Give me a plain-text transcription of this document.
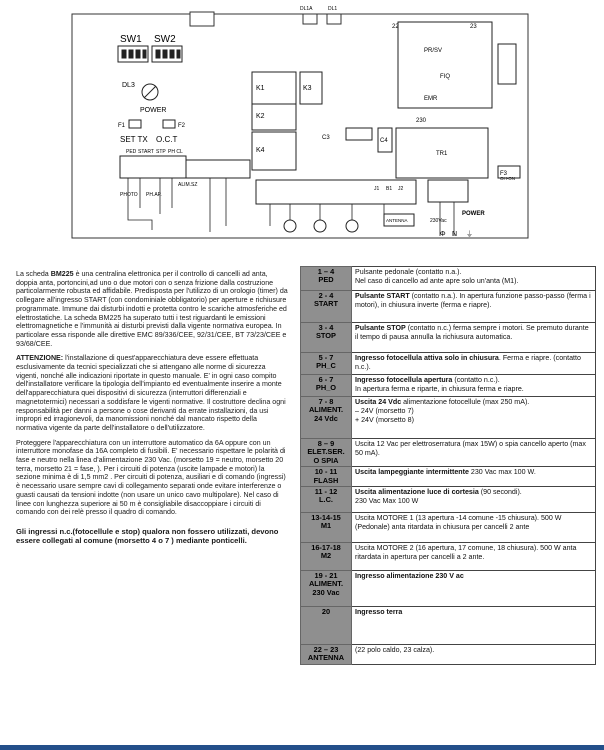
SW1 SW2
DL3
POWER
F1	F2
SET TX O.C.T
K1
K2
K4
K3
PR/SV
FIQ
EMR
230
TR1
C4
C3
F3
230Vac
PED START STP PH CL
PHOTO PH.AP.
ALIM.SZ
J1 B1 J2
22	23
OH-ON
DL1A	DL1
ANTENNA
POWER
Φ N ⏚

La scheda BM225 è una centralina elettronica per il controllo di cancelli ad anta, doppia anta, portoncini,ad uno o due motori con o senza frizione dalla costruzione particolarmente robusta ed affidabile. Predisposta per l'utilizzo di un orologio (timer) da collegare all'ingresso START (con condominiale obbligatorio) per aperture e richiusure programmate. Immune dai disturbi indotti e protetta contro le scariche atmosferiche ed elettrostatiche. La scheda BM225 ha superato tutti i test riguardanti le emissioni elettromagnetiche e l'immunità ai disturbi previsti dalla vigente normativa europea. In particolare essa risponde alle direttive EMC 89/336/CEE, 92/31/CEE, BT 73/23/CEE e 93/68/CEE.

ATTENZIONE: l'installazione di quest'apparecchiatura deve essere effettuata esclusivamente da tecnici specializzati che si attengano alle norme di sicurezza vigenti, nonché alle indicazioni riportate in questo manuale. E' in ogni caso compito dell'installatore verificare la tipologia dell'impianto ed eventualmente inserire a monte dell'apparecchiatura quei dispositivi di sicurezza (interruttori differenziali e magnetotermici) necessari a soddisfare le vigenti normative. Il costruttore declina ogni responsabilità per danni a persone o cose derivanti da errate installazioni, da usi impropri ed irragionevoli, da manomissioni nonché dal mancato rispetto della normativa vigente da parte dell'installatore o dell'utilizzatore.

Proteggere l'apparecchiatura con un interruttore automatico da 6A oppure con un interruttore monofase da 16A completo di fusibili. E' necessario rispettare le polarità di fase e neutro nella linea d'alimentazione 230 Vac. (morsetto 19 = neutro, morsetto 20 terra, morsetto 21 = fase, ). Per i circuiti di potenza (uscite lampade e motori) la sezione minima è di 1,5 mm2 . Per circuiti di potenza, ausiliari e di comando (ingressi) è necessario usare sempre cavi di collegamento separati onde evitare interferenze o guasti causati da tensioni indotte (non usare un unico cavo multipolare). Nel caso di linee con lunghezza superiore ai 50 m è consigliabile disaccoppiare i circuiti di comando con dei relè presso il quadro di comando.

Gli ingressi n.c.(fotocellule e stop) qualora non fossero utilizzati, devono essere collegati al comune (morsetto 4 o 7 ) mediante ponticelli.

1 – 4
PED	Pulsante pedonale (contatto n.a.).
Nel caso di cancello ad ante apre solo un'anta (M1).
2 - 4
START	Pulsante START (contatto n.a.). In apertura funzione passo-passo (ferma i motori), in chiusura inverte (ferma e riapre).
3 - 4
STOP	Pulsante STOP (contatto n.c.) ferma sempre i motori. Se premuto durante il tempo di pausa annulla la richiusura automatica.
5 - 7
PH_C	Ingresso fotocellula attiva solo in chiusura. Ferma e riapre. (contatto n.c.).
6 - 7
PH_O	Ingresso fotocellula apertura (contatto n.c.).
In apertura ferma e riparte, in chiusura ferma e riapre.
7 - 8
ALIMENT.
24 Vdc	Uscita 24 Vdc alimentazione fotocellule (max 250 mA).
– 24V (morsetto 7)
+ 24V (morsetto 8)
8 – 9
ELET.SER.
O SPIA	Uscita 12 Vac per elettroserratura (max 15W) o spia cancello aperto (max 50 mA).
10 - 11
FLASH	Uscita lampeggiante intermittente 230 Vac max 100 W.
11 - 12
L.C.	Uscita alimentazione luce di cortesia (90 secondi).
230 Vac Max 100 W
13-14-15
M1	Uscita MOTORE 1 (13 apertura -14 comune -15 chiusura). 500 W (Pedonale) anta ritardata in chiusura per cancelli 2 ante
16-17-18
M2	Uscita MOTORE 2 (16 apertura, 17 comune, 18 chiusura). 500 W anta ritardata in apertura per cancelli a 2 ante.
19 - 21
ALIMENT.
230 Vac	Ingresso alimentazione 230 V ac
20	Ingresso terra
22 – 23
ANTENNA	(22 polo caldo, 23 calza).
